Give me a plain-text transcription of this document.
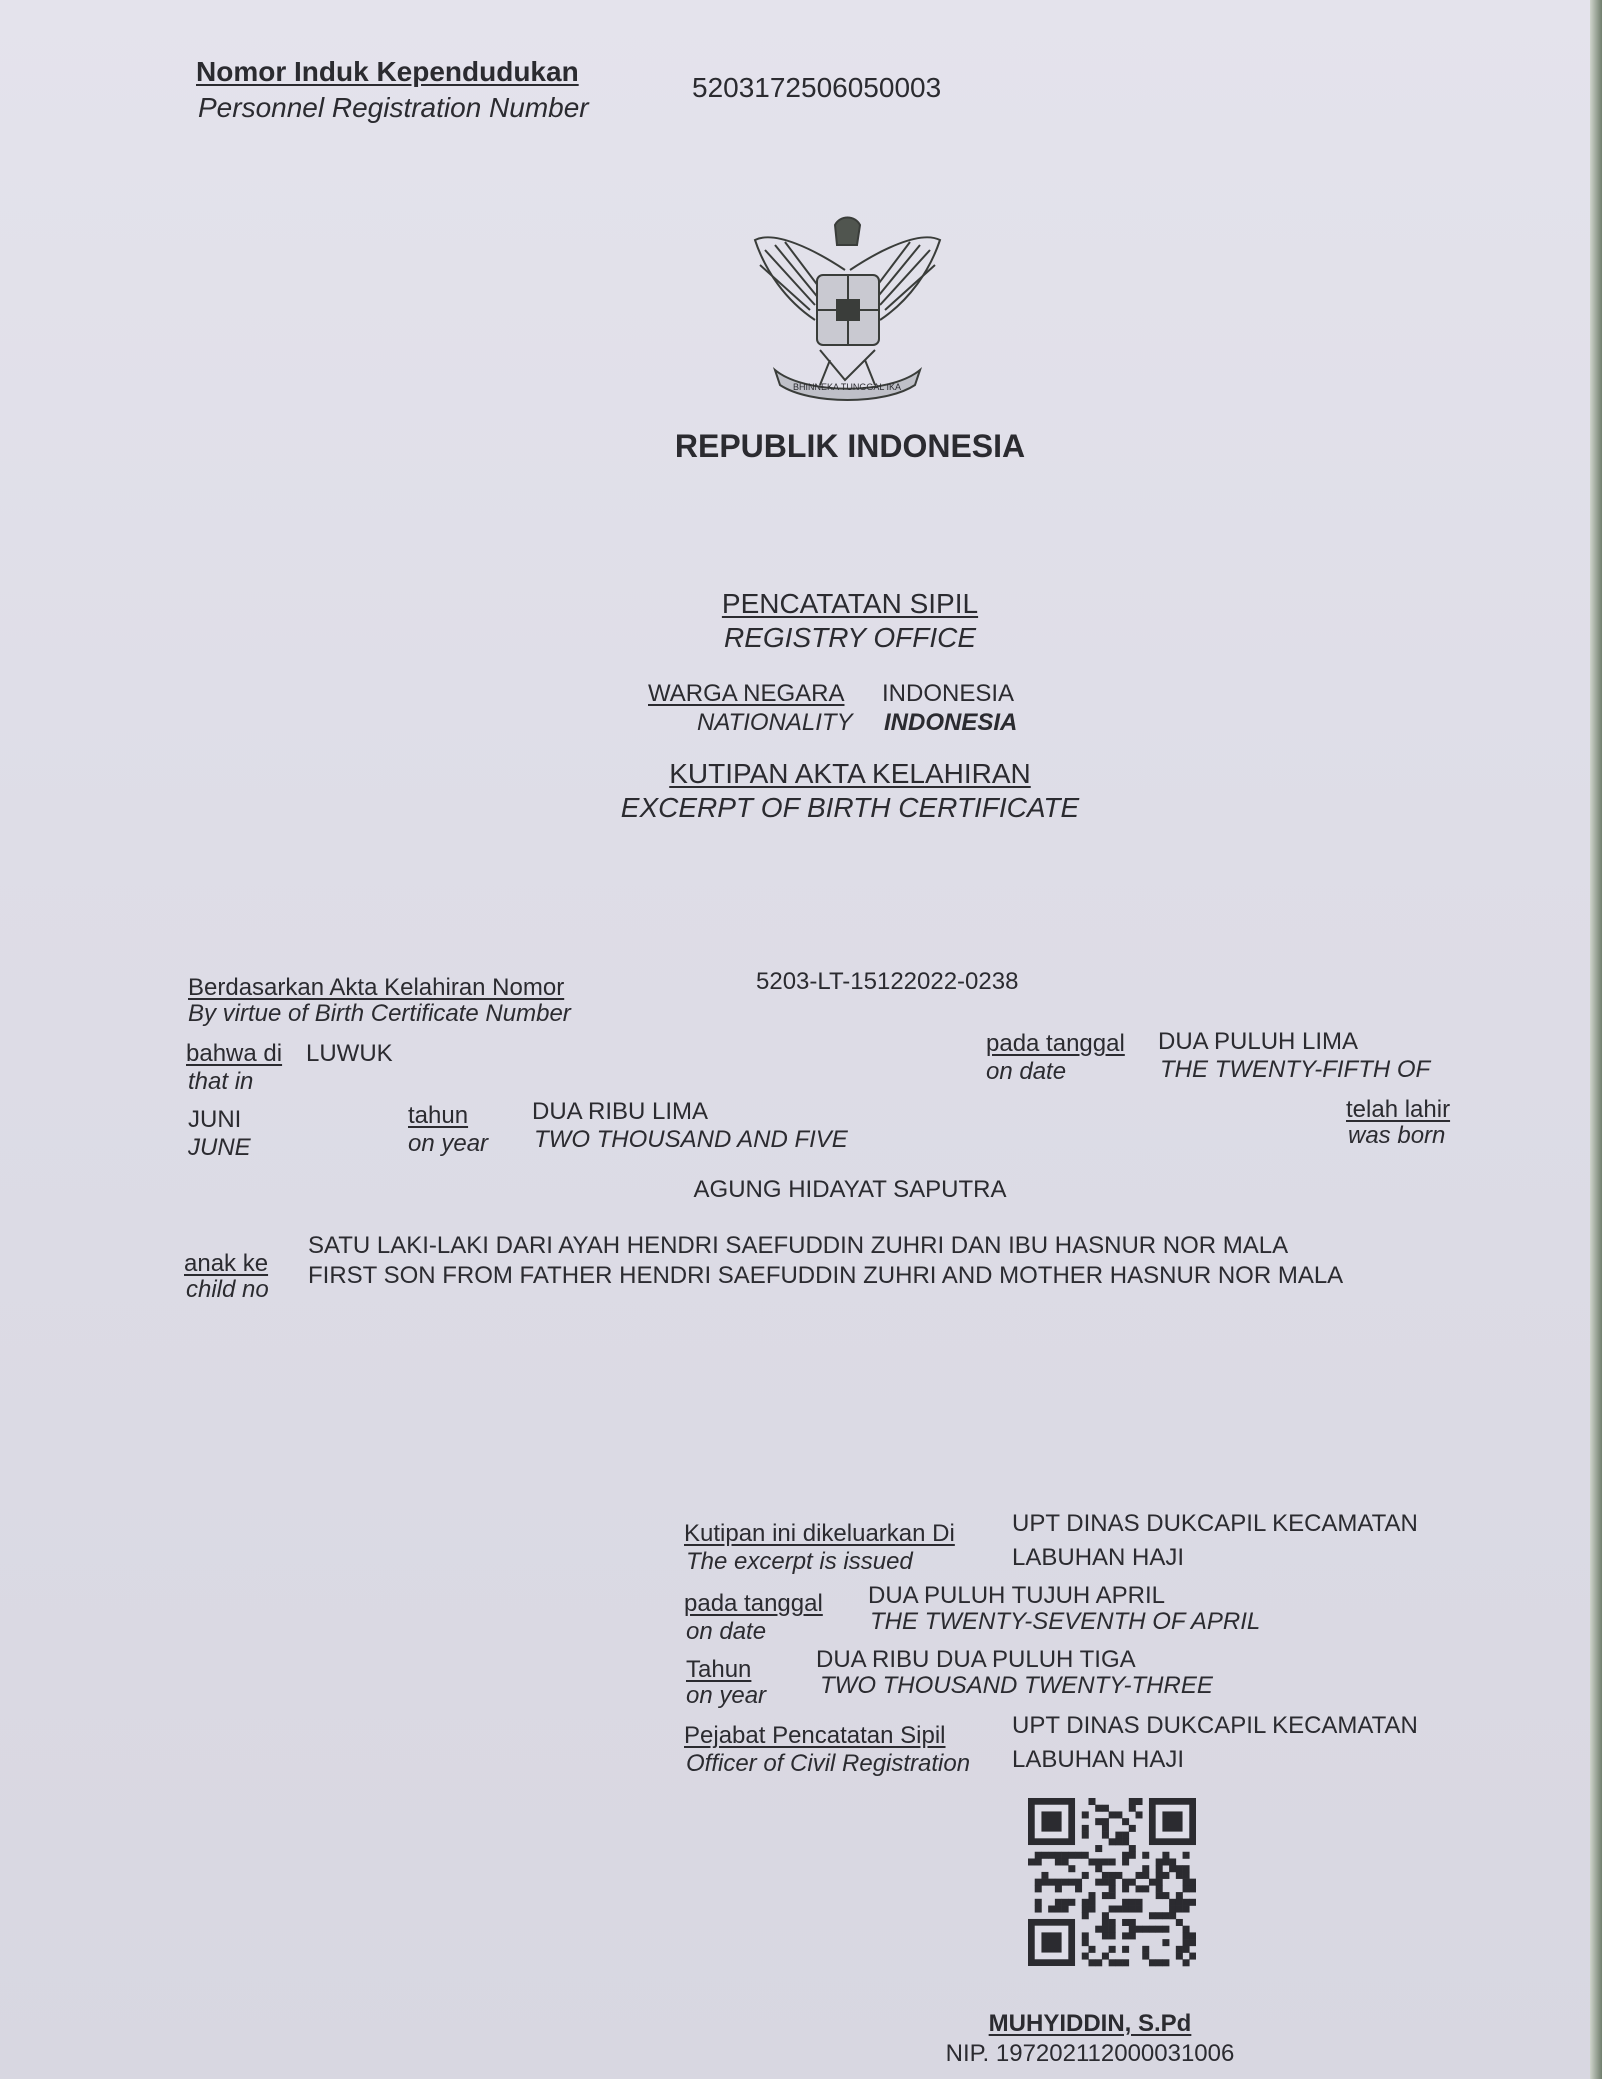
Nomor Induk Kependudukan
Personnel Registration Number
5203172506050003
BHINNEKA TUNGGAL IKA
REPUBLIK INDONESIA
PENCATATAN SIPIL
REGISTRY OFFICE
WARGA NEGARA INDONESIA
NATIONALITY INDONESIA
KUTIPAN AKTA KELAHIRAN
EXCERPT OF BIRTH CERTIFICATE
Berdasarkan Akta Kelahiran Nomor
By virtue of Birth Certificate Number
5203-LT-15122022-0238
bahwa di LUWUK
that in
pada tanggal
on date
DUA PULUH LIMA
THE TWENTY-FIFTH OF
JUNI
JUNE
tahun
on year
DUA RIBU LIMA
TWO THOUSAND AND FIVE
telah lahir
was born
AGUNG HIDAYAT SAPUTRA
anak ke
child no
SATU LAKI-LAKI DARI AYAH HENDRI SAEFUDDIN ZUHRI DAN IBU HASNUR NOR MALA
FIRST SON FROM FATHER HENDRI SAEFUDDIN ZUHRI AND MOTHER HASNUR NOR MALA
Kutipan ini dikeluarkan Di
The excerpt is issued
UPT DINAS DUKCAPIL KECAMATAN
LABUHAN HAJI
pada tanggal
on date
DUA PULUH TUJUH APRIL
THE TWENTY-SEVENTH OF APRIL
Tahun
on year
DUA RIBU DUA PULUH TIGA
TWO THOUSAND TWENTY-THREE
Pejabat Pencatatan Sipil
Officer of Civil Registration
UPT DINAS DUKCAPIL KECAMATAN
LABUHAN HAJI
MUHYIDDIN, S.Pd
NIP. 197202112000031006
